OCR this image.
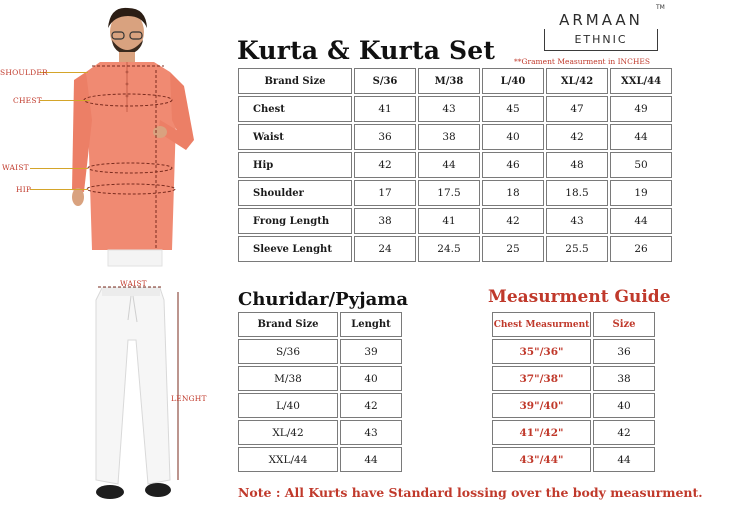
SHOULDER
CHEST
WAIST
HIP
WAIST
LENGHT
ARMAAN
ETHNIC
TM
Kurta & Kurta Set	**Grament Measurment in INCHES
Brand Size	S/36	M/38	L/40	XL/42	XXL/44
Chest	41	43	45	47	49
Waist	36	38	40	42	44
Hip	42	44	46	48	50
Shoulder	17	17.5	18	18.5	19
Frong Length	38	41	42	43	44
Sleeve Lenght	24	24.5	25	25.5	26
Churidar/Pyjama
Brand Size	Lenght
S/36	39
M/38	40
L/40	42
XL/42	43
XXL/44	44
Measurment Guide
Chest Measurment	Size
35"/36"	36
37"/38"	38
39"/40"	40
41"/42"	42
43"/44"	44
Note : All Kurts have Standard lossing over the body measurment.
